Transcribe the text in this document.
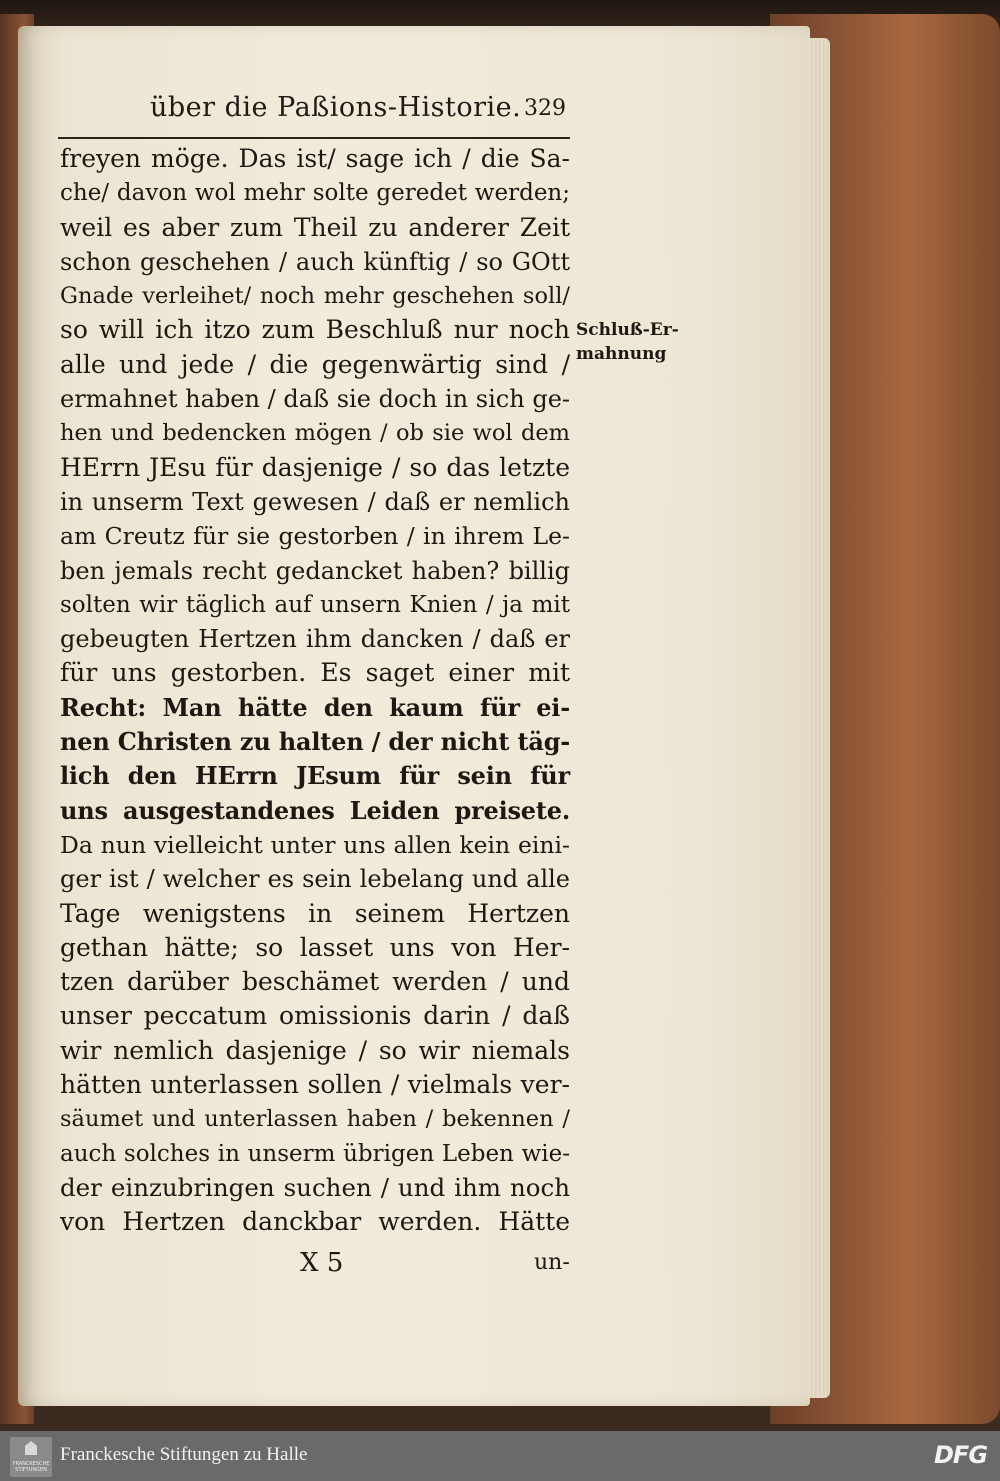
über die Paßions-Historie. 329
freyen möge. Das ist/ sage ich / die Sa-
che/ davon wol mehr solte geredet werden;
weil es aber zum Theil zu anderer Zeit
schon geschehen / auch künftig / so GOtt
Gnade verleihet/ noch mehr geschehen soll/
so will ich itzo zum Beschluß nur noch
alle und jede / die gegenwärtig sind /
ermahnet haben / daß sie doch in sich ge-
hen und bedencken mögen / ob sie wol dem
HErrn JEsu für dasjenige / so das letzte
in unserm Text gewesen / daß er nemlich
am Creutz für sie gestorben / in ihrem Le-
ben jemals recht gedancket haben? billig
solten wir täglich auf unsern Knien / ja mit
gebeugten Hertzen ihm dancken / daß er
für uns gestorben. Es saget einer mit
Recht: Man hätte den kaum für ei-
nen Christen zu halten / der nicht täg-
lich den HErrn JEsum für sein für
uns ausgestandenes Leiden preisete.
Da nun vielleicht unter uns allen kein eini-
ger ist / welcher es sein lebelang und alle
Tage wenigstens in seinem Hertzen
gethan hätte; so lasset uns von Her-
tzen darüber beschämet werden / und
unser peccatum omissionis darin / daß
wir nemlich dasjenige / so wir niemals
hätten unterlassen sollen / vielmals ver-
säumet und unterlassen haben / bekennen /
auch solches in unserm übrigen Leben wie-
der einzubringen suchen / und ihm noch
von Hertzen danckbar werden. Hätte
Schluß-Er-
mahnung
X 5	un-
FRANCKESCHE STIFTUNGEN
Franckesche Stiftungen zu Halle	DFG
